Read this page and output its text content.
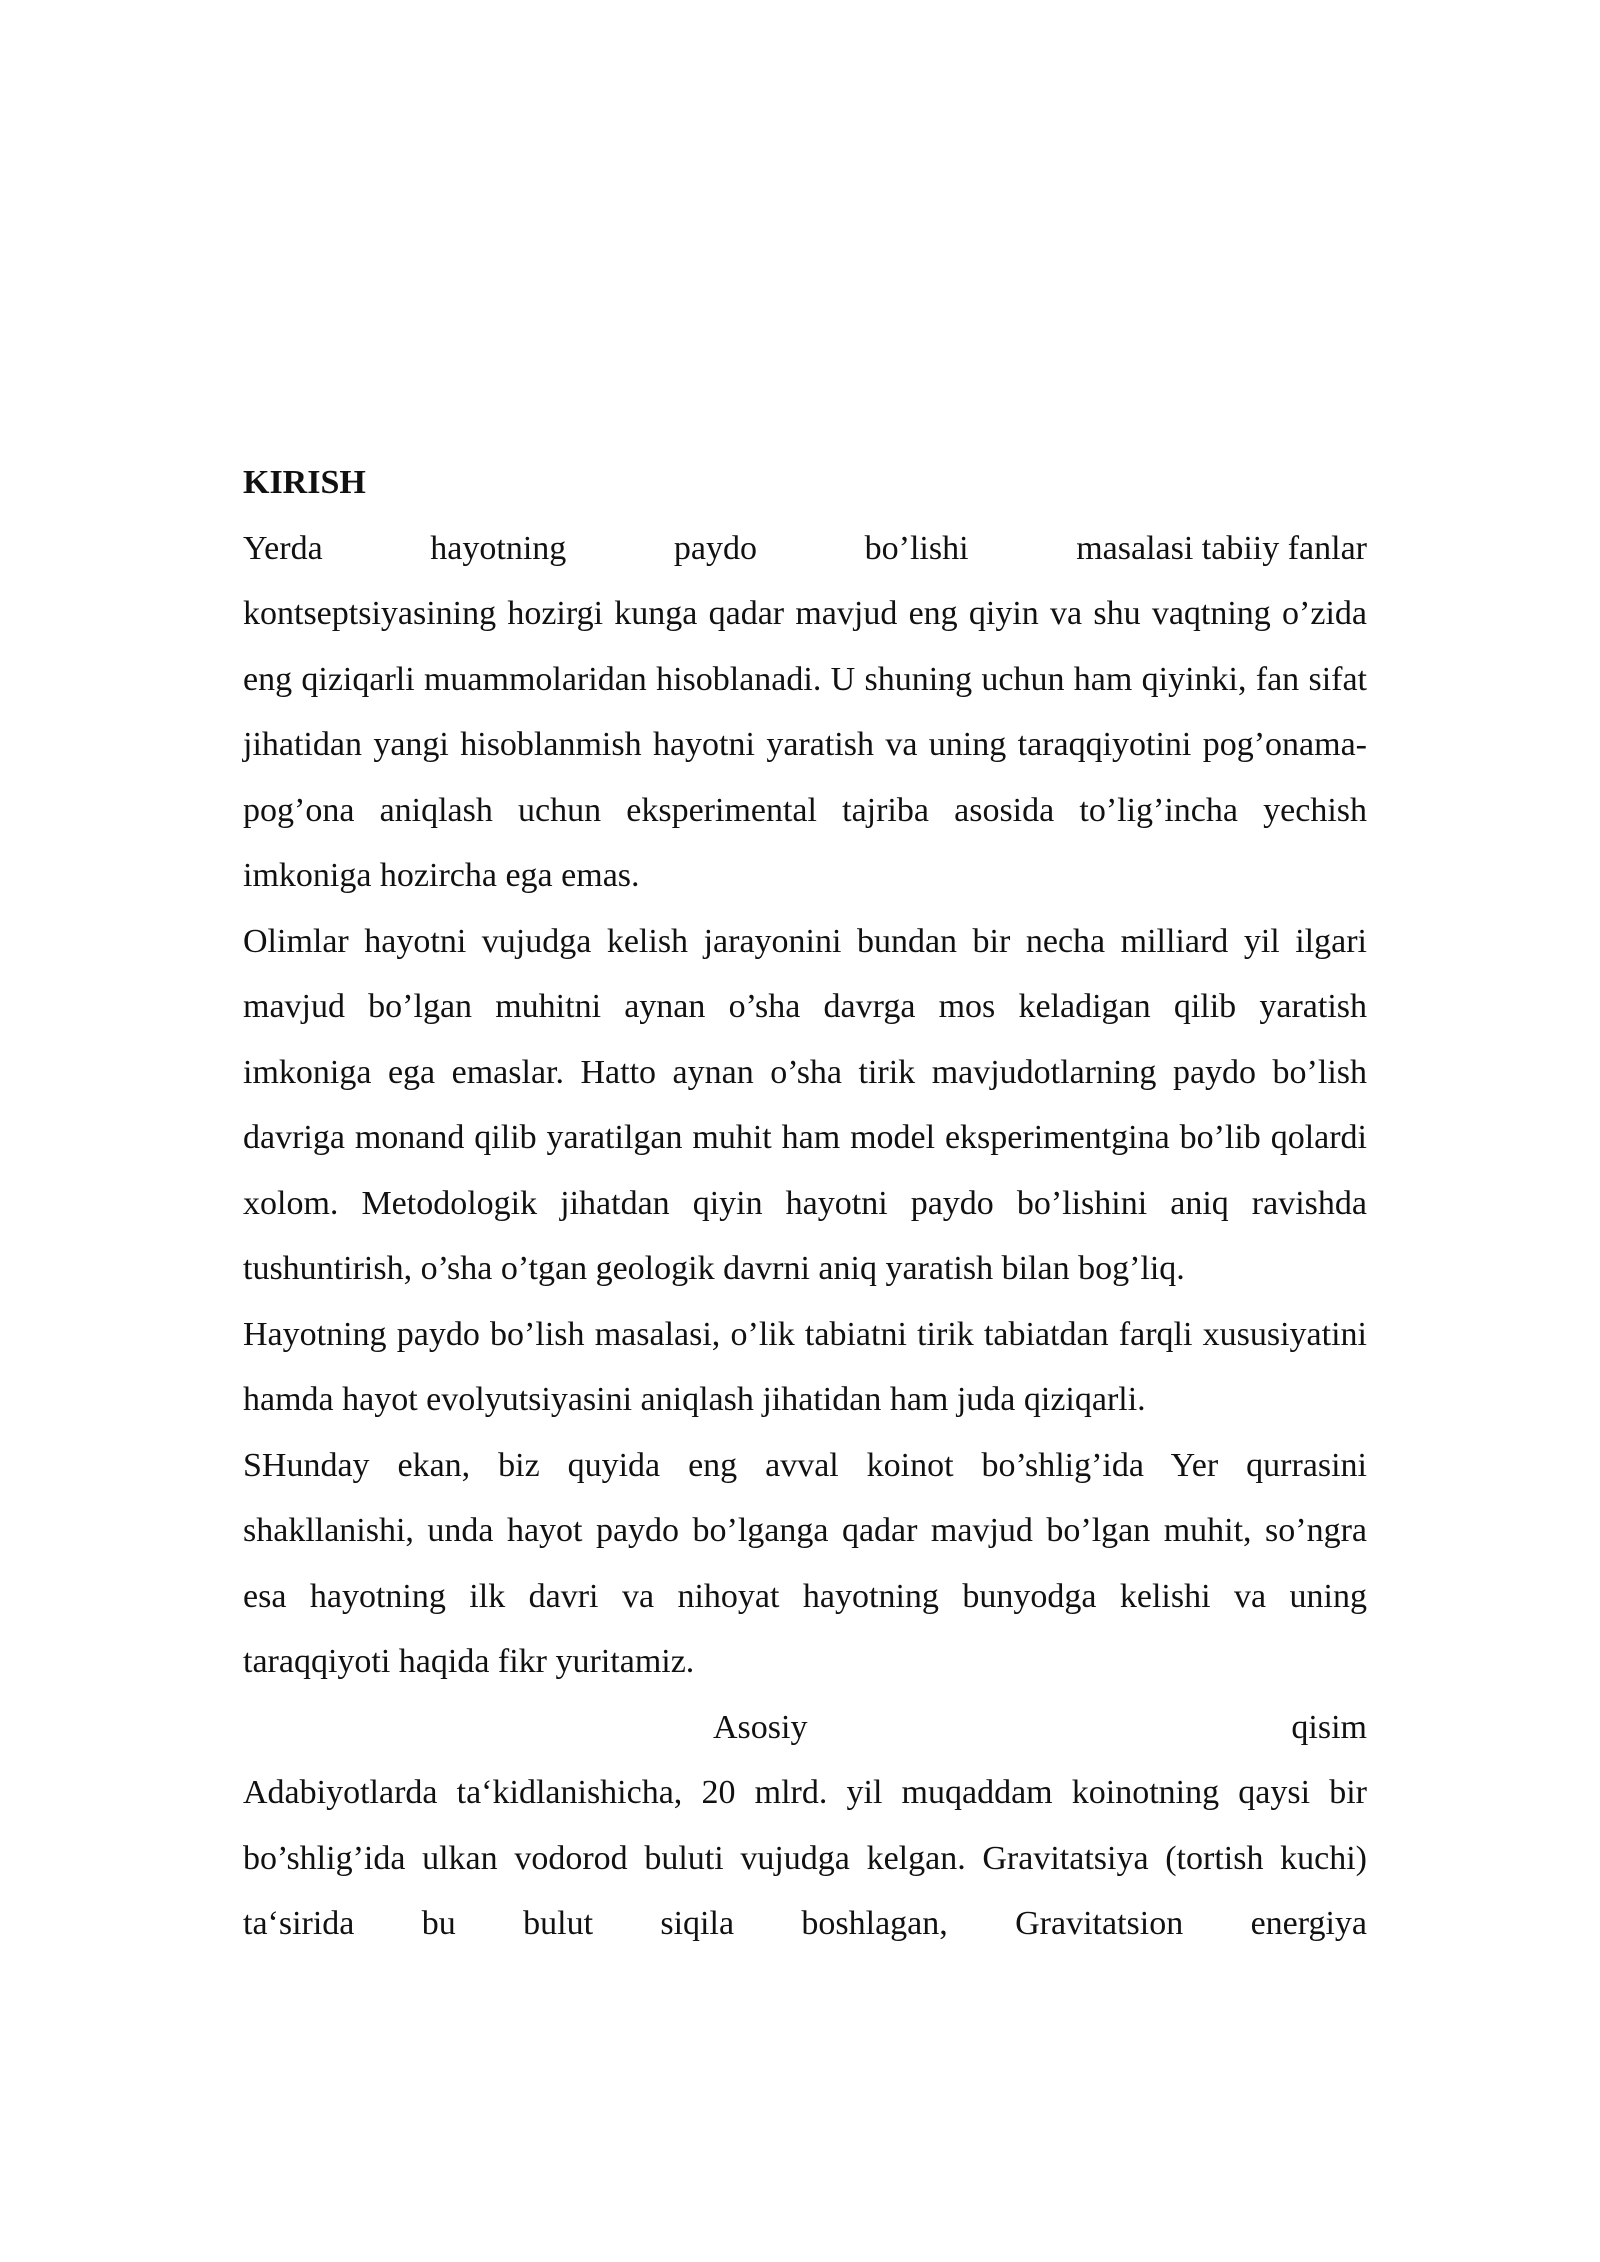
KIRISH

Yerda	hayotning	paydo	bo’lishi	masalasi tabiiy fanlar

kontseptsiyasining hozirgi kunga qadar mavjud eng qiyin va shu vaqtning o’zida eng qiziqarli muammolaridan hisoblanadi. U shuning uchun ham qiyinki, fan sifat jihatidan yangi hisoblanmish hayotni yaratish va uning taraqqiyotini pog’onama-pog’ona aniqlash uchun eksperimental tajriba asosida to’lig’incha yechish imkoniga hozircha ega emas.

Olimlar hayotni vujudga kelish jarayonini bundan bir necha milliard yil ilgari mavjud bo’lgan muhitni aynan o’sha davrga mos keladigan qilib yaratish imkoniga ega emaslar. Hatto aynan o’sha tirik mavjudotlarning paydo bo’lish davriga monand qilib yaratilgan muhit ham model eksperimentgina bo’lib qolardi xolom. Metodologik jihatdan qiyin hayotni paydo bo’lishini aniq ravishda tushuntirish, o’sha o’tgan geologik davrni aniq yaratish bilan bog’liq.

Hayotning paydo bo’lish masalasi, o’lik tabiatni tirik tabiatdan farqli xususiyatini hamda hayot evolyutsiyasini aniqlash jihatidan ham juda qiziqarli.

SHunday ekan, biz quyida eng avval koinot bo’shlig’ida Yer qurrasini shakllanishi, unda hayot paydo bo’lganga qadar mavjud bo’lgan muhit, so’ngra esa hayotning ilk davri va nihoyat hayotning bunyodga kelishi va uning taraqqiyoti haqida fikr yuritamiz.

Asosiy	qisim

Adabiyotlarda ta‘kidlanishicha, 20 mlrd. yil muqaddam koinotning qaysi bir bo’shlig’ida ulkan vodorod buluti vujudga kelgan. Gravitatsiya (tortish kuchi) ta‘sirida bu bulut siqila boshlagan, Gravitatsion energiya
